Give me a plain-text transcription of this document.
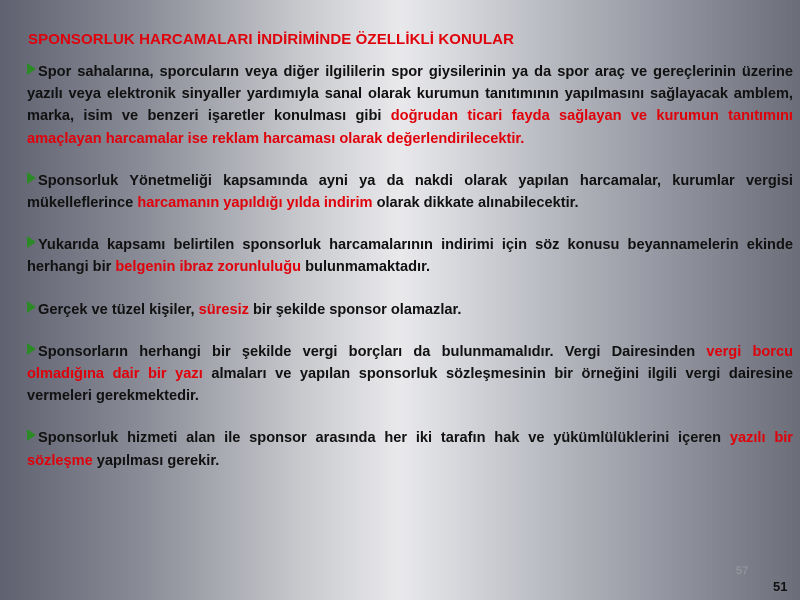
SPONSORLUK HARCAMALARI İNDİRİMİNDE ÖZELLİKLİ KONULAR

Spor sahalarına, sporcuların veya diğer ilgililerin spor giysilerinin ya da spor araç ve gereçlerinin üzerine yazılı veya elektronik sinyaller yardımıyla sanal olarak kurumun tanıtımının yapılmasını sağlayacak amblem, marka, isim ve benzeri işaretler konulması gibi doğrudan ticari fayda sağlayan ve kurumun tanıtımını amaçlayan harcamalar ise reklam harcaması olarak değerlendirilecektir.

Sponsorluk Yönetmeliği kapsamında ayni ya da nakdi olarak yapılan harcamalar, kurumlar vergisi mükelleflerince harcamanın yapıldığı yılda indirim olarak dikkate alınabilecektir.

Yukarıda kapsamı belirtilen sponsorluk harcamalarının indirimi için söz konusu beyannamelerin ekinde herhangi bir belgenin ibraz zorunluluğu bulunmamaktadır.

Gerçek ve tüzel kişiler, süresiz bir şekilde sponsor olamazlar.

Sponsorların herhangi bir şekilde vergi borçları da bulunmamalıdır. Vergi Dairesinden vergi borcu olmadığına dair bir yazı almaları ve yapılan sponsorluk sözleşmesinin bir örneğini ilgili vergi dairesine vermeleri gerekmektedir.

Sponsorluk hizmeti alan ile sponsor arasında her iki tarafın hak ve yükümlülüklerini içeren yazılı bir sözleşme yapılması gerekir.

57
51
